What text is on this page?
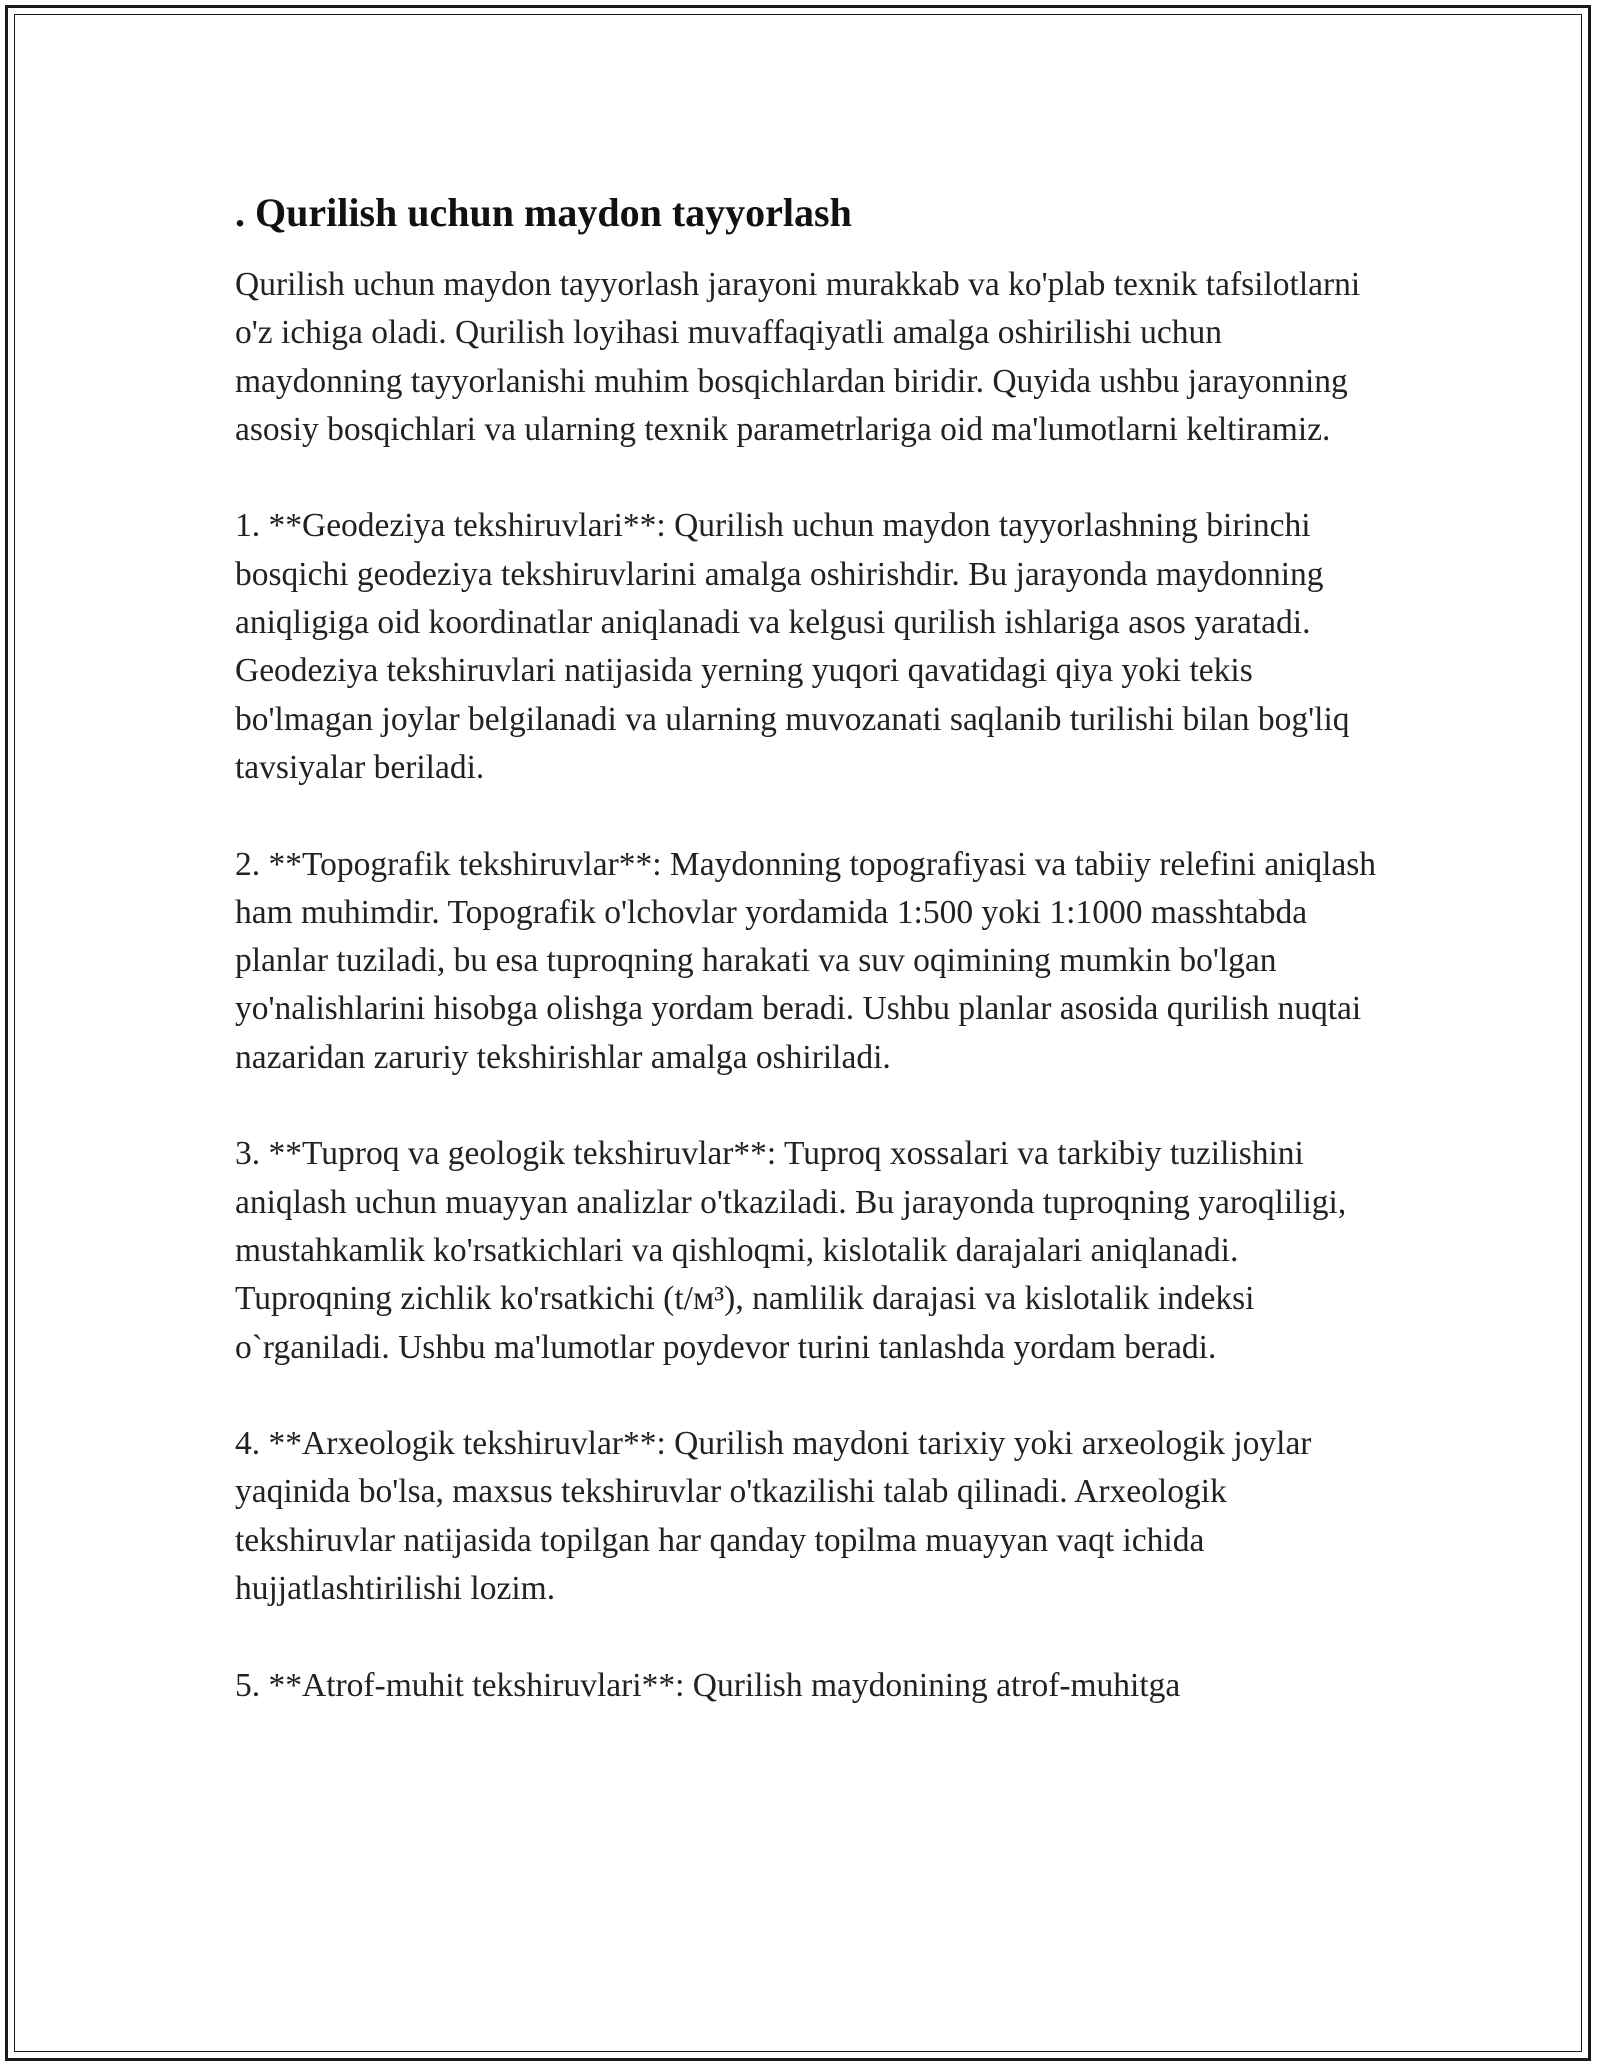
. Qurilish uchun maydon tayyorlash

Qurilish uchun maydon tayyorlash jarayoni murakkab va ko'plab texnik tafsilotlarni o'z ichiga oladi. Qurilish loyihasi muvaffaqiyatli amalga oshirilishi uchun maydonning tayyorlanishi muhim bosqichlardan biridir. Quyida ushbu jarayonning asosiy bosqichlari va ularning texnik parametrlariga oid ma'lumotlarni keltiramiz.

1. **Geodeziya tekshiruvlari**: Qurilish uchun maydon tayyorlashning birinchi bosqichi geodeziya tekshiruvlarini amalga oshirishdir. Bu jarayonda maydonning aniqligiga oid koordinatlar aniqlanadi va kelgusi qurilish ishlariga asos yaratadi. Geodeziya tekshiruvlari natijasida yerning yuqori qavatidagi qiya yoki tekis bo'lmagan joylar belgilanadi va ularning muvozanati saqlanib turilishi bilan bog'liq tavsiyalar beriladi.

2. **Topografik tekshiruvlar**: Maydonning topografiyasi va tabiiy relefini aniqlash ham muhimdir. Topografik o'lchovlar yordamida 1:500 yoki 1:1000 masshtabda planlar tuziladi, bu esa tuproqning harakati va suv oqimining mumkin bo'lgan yo'nalishlarini hisobga olishga yordam beradi. Ushbu planlar asosida qurilish nuqtai nazaridan zaruriy tekshirishlar amalga oshiriladi.

3. **Tuproq va geologik tekshiruvlar**: Tuproq xossalari va tarkibiy tuzilishini aniqlash uchun muayyan analizlar o'tkaziladi. Bu jarayonda tuproqning yaroqliligi, mustahkamlik ko'rsatkichlari va qishloqmi, kislotalik darajalari aniqlanadi. Tuproqning zichlik ko'rsatkichi (t/м³), namlilik darajasi va kislotalik indeksi o`rganiladi. Ushbu ma'lumotlar poydevor turini tanlashda yordam beradi.

4. **Arxeologik tekshiruvlar**: Qurilish maydoni tarixiy yoki arxeologik joylar yaqinida bo'lsa, maxsus tekshiruvlar o'tkazilishi talab qilinadi. Arxeologik tekshiruvlar natijasida topilgan har qanday topilma muayyan vaqt ichida hujjatlashtirilishi lozim.

5. **Atrof-muhit tekshiruvlari**: Qurilish maydonining atrof-muhitga
